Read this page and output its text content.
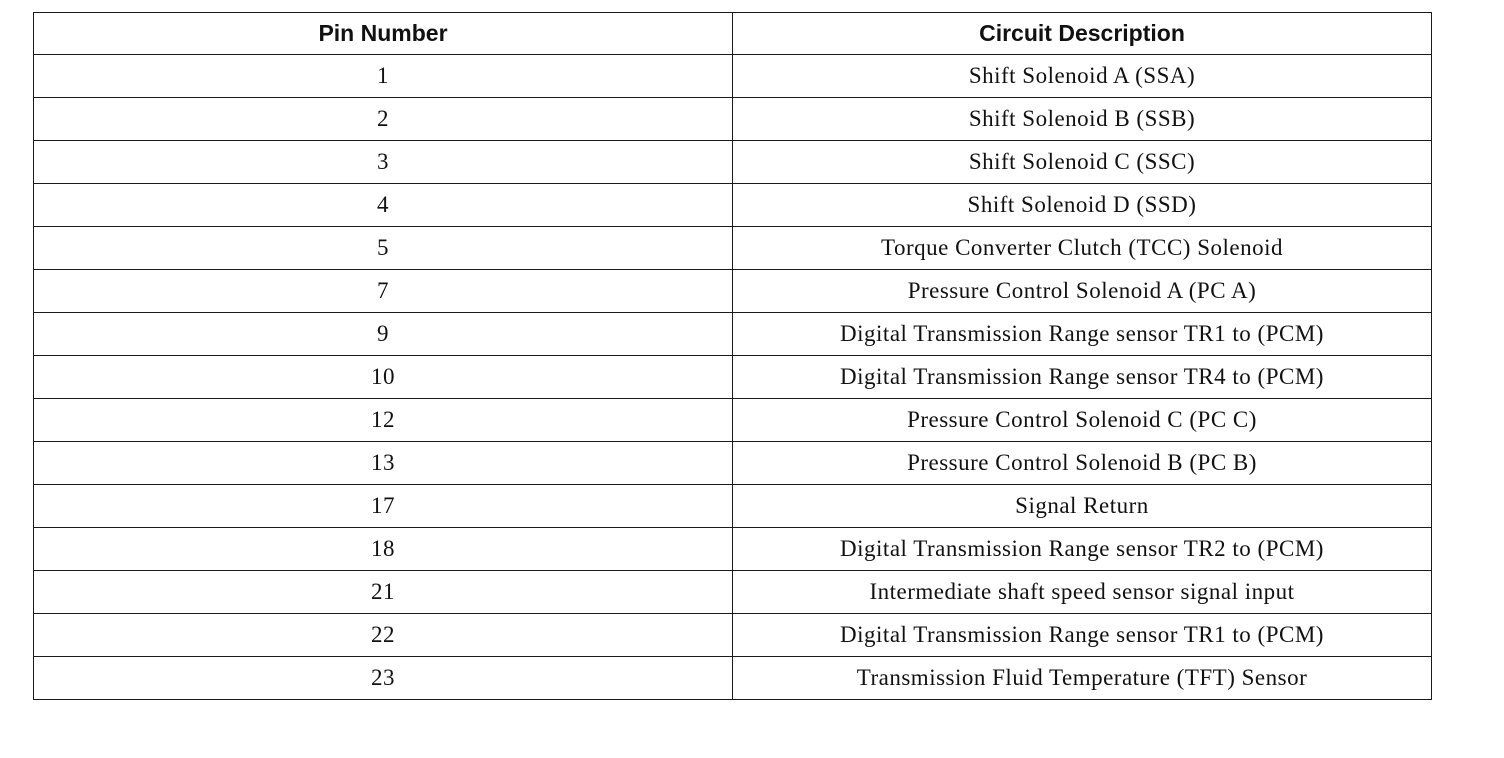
Pin Number	Circuit Description
1	Shift Solenoid A (SSA)
2	Shift Solenoid B (SSB)
3	Shift Solenoid C (SSC)
4	Shift Solenoid D (SSD)
5	Torque Converter Clutch (TCC) Solenoid
7	Pressure Control Solenoid A (PC A)
9	Digital Transmission Range sensor TR1 to (PCM)
10	Digital Transmission Range sensor TR4 to (PCM)
12	Pressure Control Solenoid C (PC C)
13	Pressure Control Solenoid B (PC B)
17	Signal Return
18	Digital Transmission Range sensor TR2 to (PCM)
21	Intermediate shaft speed sensor signal input
22	Digital Transmission Range sensor TR1 to (PCM)
23	Transmission Fluid Temperature (TFT) Sensor
